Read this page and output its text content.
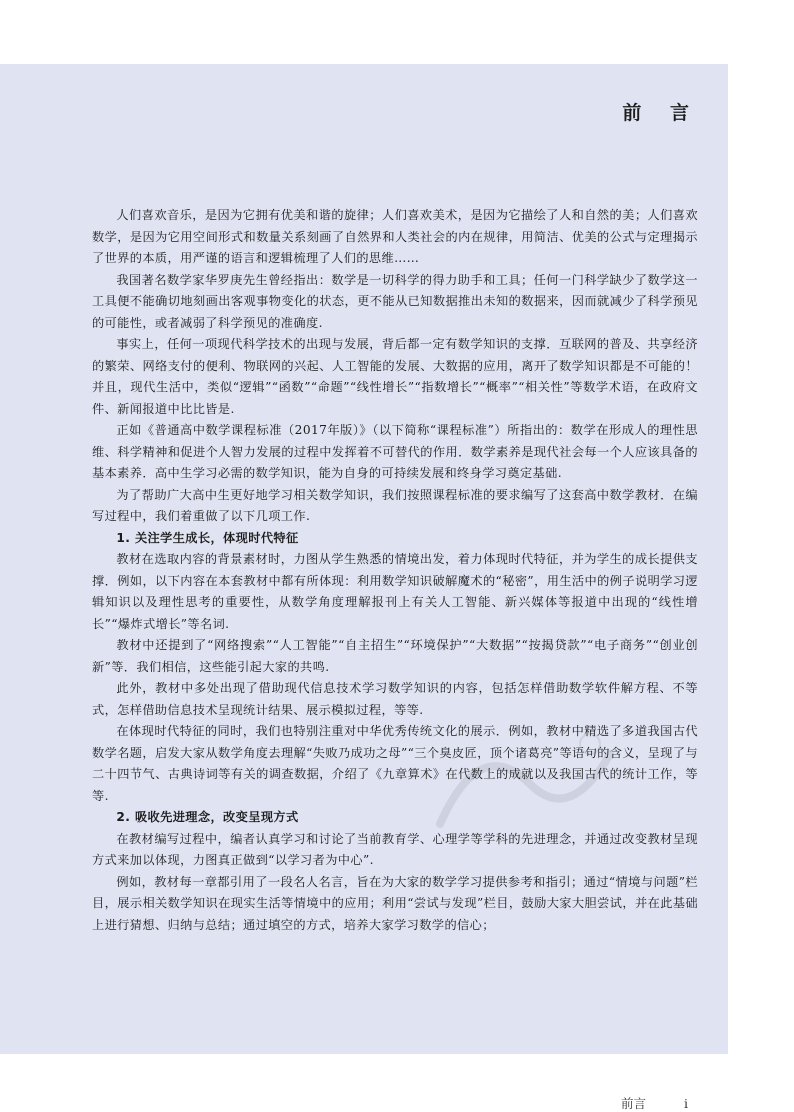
前 言

人们喜欢音乐，是因为它拥有优美和谐的旋律；人们喜欢美术，是因为它描绘了人和自然的美；人们喜欢数学，是因为它用空间形式和数量关系刻画了自然界和人类社会的内在规律，用简洁、优美的公式与定理揭示了世界的本质，用严谨的语言和逻辑梳理了人们的思维……

我国著名数学家华罗庚先生曾经指出：数学是一切科学的得力助手和工具；任何一门科学缺少了数学这一工具便不能确切地刻画出客观事物变化的状态，更不能从已知数据推出未知的数据来，因而就减少了科学预见的可能性，或者减弱了科学预见的准确度.

事实上，任何一项现代科学技术的出现与发展，背后都一定有数学知识的支撑．互联网的普及、共享经济的繁荣、网络支付的便利、物联网的兴起、人工智能的发展、大数据的应用，离开了数学知识都是不可能的！并且，现代生活中，类似“逻辑”“函数”“命题”“线性增长”“指数增长”“概率”“相关性”等数学术语，在政府文件、新闻报道中比比皆是.

正如《普通高中数学课程标准（2017年版）》（以下简称“课程标准”）所指出的：数学在形成人的理性思维、科学精神和促进个人智力发展的过程中发挥着不可替代的作用．数学素养是现代社会每一个人应该具备的基本素养．高中生学习必需的数学知识，能为自身的可持续发展和终身学习奠定基础.

为了帮助广大高中生更好地学习相关数学知识，我们按照课程标准的要求编写了这套高中数学教材．在编写过程中，我们着重做了以下几项工作.

1. 关注学生成长，体现时代特征

教材在选取内容的背景素材时，力图从学生熟悉的情境出发，着力体现时代特征，并为学生的成长提供支撑．例如，以下内容在本套教材中都有所体现：利用数学知识破解魔术的“秘密”，用生活中的例子说明学习逻辑知识以及理性思考的重要性，从数学角度理解报刊上有关人工智能、新兴媒体等报道中出现的“线性增长”“爆炸式增长”等名词.

教材中还提到了“网络搜索”“人工智能”“自主招生”“环境保护”“大数据”“按揭贷款”“电子商务”“创业创新”等．我们相信，这些能引起大家的共鸣.

此外，教材中多处出现了借助现代信息技术学习数学知识的内容，包括怎样借助数学软件解方程、不等式，怎样借助信息技术呈现统计结果、展示模拟过程，等等.

在体现时代特征的同时，我们也特别注重对中华优秀传统文化的展示．例如，教材中精选了多道我国古代数学名题，启发大家从数学角度去理解“失败乃成功之母”“三个臭皮匠，顶个诸葛亮”等语句的含义，呈现了与二十四节气、古典诗词等有关的调查数据，介绍了《九章算术》在代数上的成就以及我国古代的统计工作，等等.

2. 吸收先进理念，改变呈现方式

在教材编写过程中，编者认真学习和讨论了当前教育学、心理学等学科的先进理念，并通过改变教材呈现方式来加以体现，力图真正做到“以学习者为中心”.

例如，教材每一章都引用了一段名人名言，旨在为大家的数学学习提供参考和指引；通过“情境与问题”栏目，展示相关数学知识在现实生活等情境中的应用；利用“尝试与发现”栏目，鼓励大家大胆尝试，并在此基础上进行猜想、归纳与总结；通过填空的方式，培养大家学习数学的信心；

前言	i
